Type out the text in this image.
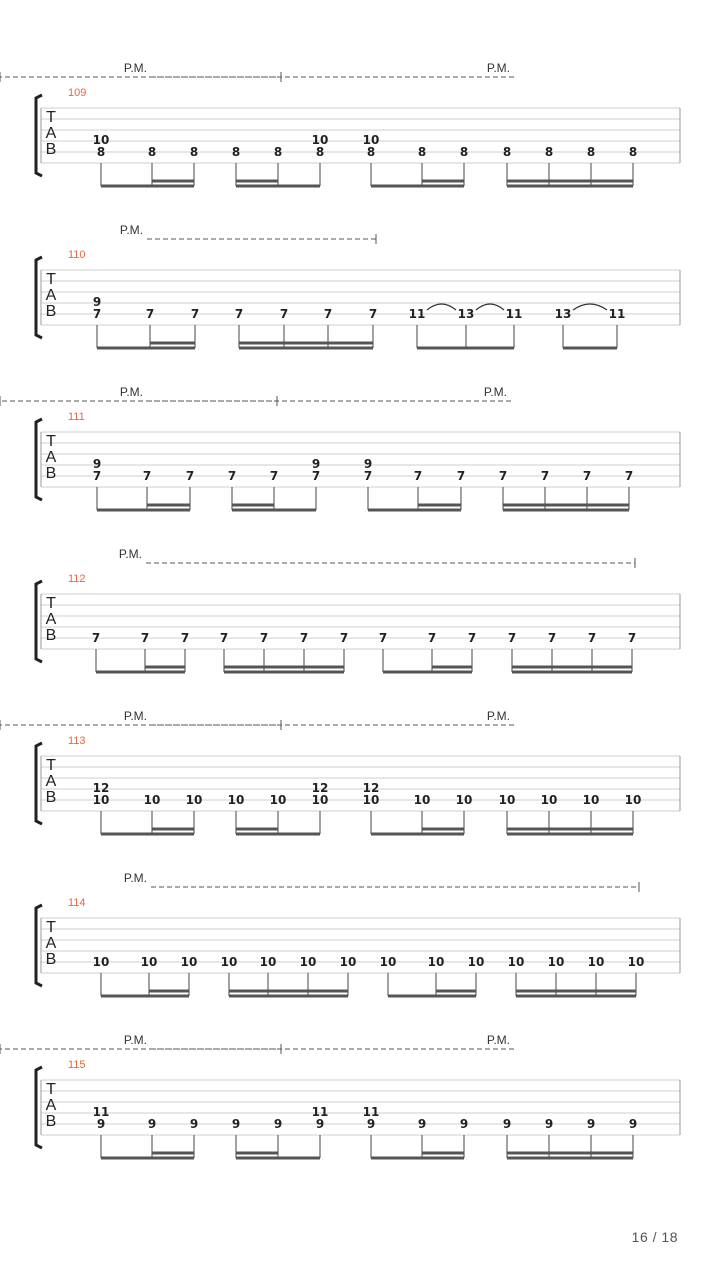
T
A
B
109
P.M.	P.M.
10
8	8	8	8	8
10
8
10
8	8	8	8	8	8	8
T
A
B
110
P.M.
9
7	7	7	7	7	7	7	11	13	11	13	11
T
A
B
111
P.M.	P.M.
9
7	7	7	7	7
9
7
9
7	7	7	7	7	7	7
T
A
B
112
P.M.
7	7	7	7	7	7	7	7	7	7	7	7	7	7
T
A
B
113
P.M.	P.M.
12
10	10 10 10 10
12
10
12
10	10 10 10 10 10 10
T
A
B
114
P.M.
10	10 10 10 10 10 10 10	10 10 10 10 10 10
T
A
B
115
P.M.	P.M.
11
9	9	9	9	9
11
9
11
9	9	9	9	9	9	9
16 / 18
